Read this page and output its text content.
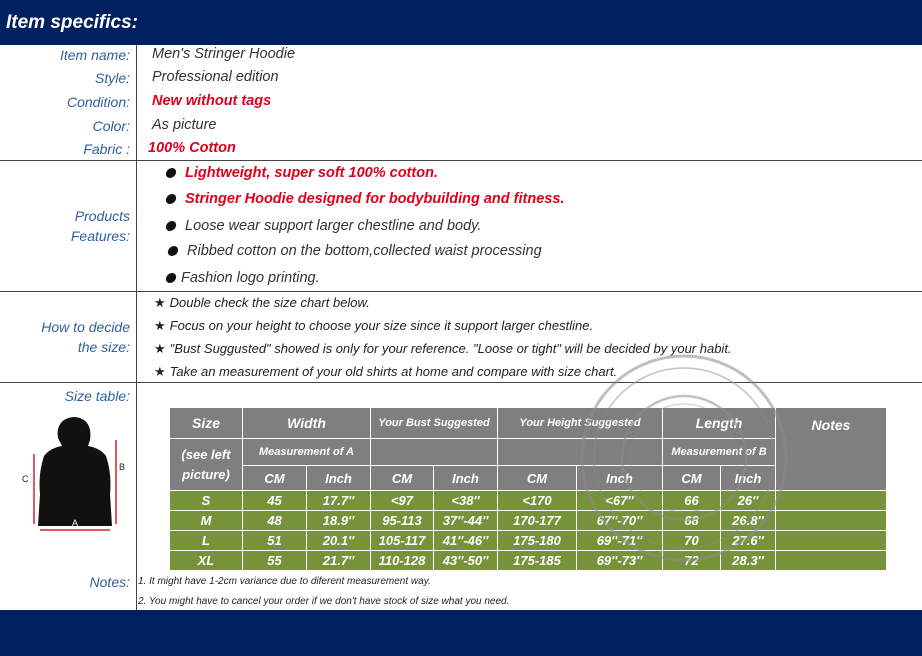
Item specifics:
Item name: Men's Stringer Hoodie
Style: Professional edition
Condition: New without tags
Color: As picture
Fabric : 100% Cotton
Products
Features:
Lightweight, super soft 100% cotton.
Stringer Hoodie designed for bodybuilding and fitness.
Loose wear support larger chestline and body.
Ribbed cotton on the bottom,collected waist processing
Fashion logo printing.
How to decide
the size:
★ Double check the size chart below.
★ Focus on your height to choose your size since it support larger chestline.
★ "Bust Suggusted" showed is only for your reference. "Loose or tight" will be decided by your habit.
★ Take an measurement of your old shirts at home and compare with size chart.
Size table:
C
B
A
Size
(see left picture)
Width
Measurement of A
CM	Inch
Your Bust Suggested
CM	Inch
Your Height Suggested
CM	Inch
Length
Measurement of B
CM	Inch
Notes
S	45	17.7''	<97	<38''	<170	<67''	66	26''
M	48	18.9''	95-113	37''-44''	170-177	67''-70''	68	26.8''
L	51	20.1''	105-117	41''-46''	175-180	69''-71''	70	27.6''
XL	55	21.7''	110-128	43''-50''	175-185	69''-73''	72	28.3''
Notes: 1. It might have 1-2cm variance due to diferent measurement way.
2. You might have to cancel your order if we don't have stock of size what you need.
